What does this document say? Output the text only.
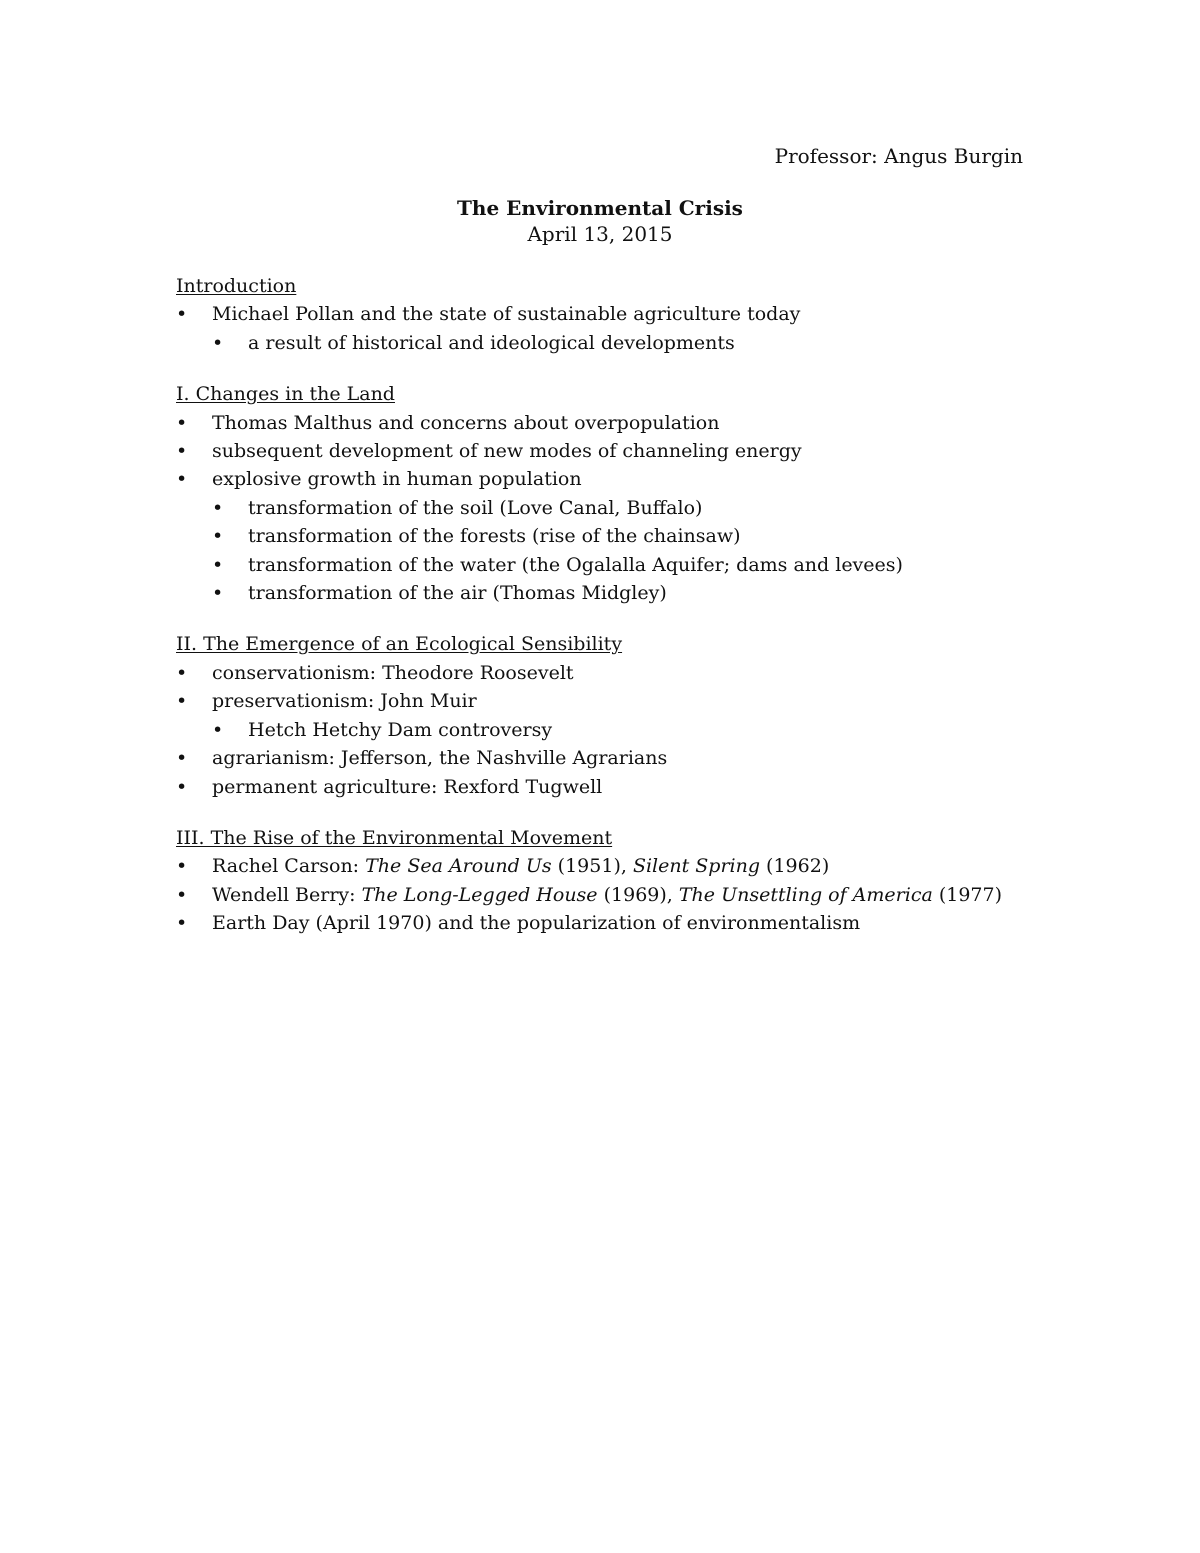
Professor: Angus Burgin
The Environmental Crisis
April 13, 2015
Introduction
•	Michael Pollan and the state of sustainable agriculture today
•	a result of historical and ideological developments
I. Changes in the Land
•	Thomas Malthus and concerns about overpopulation
•	subsequent development of new modes of channeling energy
•	explosive growth in human population
•	transformation of the soil (Love Canal, Buffalo)
•	transformation of the forests (rise of the chainsaw)
•	transformation of the water (the Ogalalla Aquifer; dams and levees)
•	transformation of the air (Thomas Midgley)
II. The Emergence of an Ecological Sensibility
•	conservationism: Theodore Roosevelt
•	preservationism: John Muir
•	Hetch Hetchy Dam controversy
•	agrarianism: Jefferson, the Nashville Agrarians
•	permanent agriculture: Rexford Tugwell
III. The Rise of the Environmental Movement
•	Rachel Carson: The Sea Around Us (1951), Silent Spring (1962)
•	Wendell Berry: The Long-Legged House (1969), The Unsettling of America (1977)
•	Earth Day (April 1970) and the popularization of environmentalism
